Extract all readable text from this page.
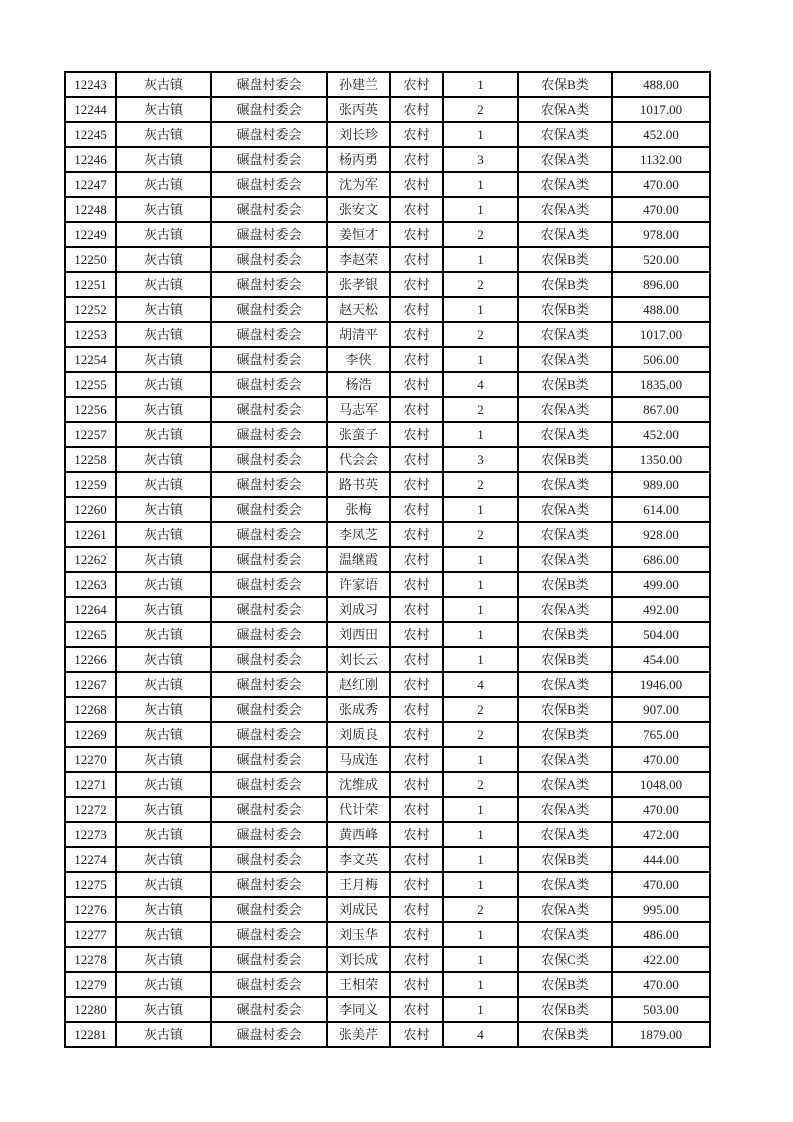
12243	灰古镇	碾盘村委会	孙建兰	农村	1	农保B类	488.00
12244	灰古镇	碾盘村委会	张丙英	农村	2	农保A类	1017.00
12245	灰古镇	碾盘村委会	刘长珍	农村	1	农保A类	452.00
12246	灰古镇	碾盘村委会	杨丙勇	农村	3	农保A类	1132.00
12247	灰古镇	碾盘村委会	沈为军	农村	1	农保A类	470.00
12248	灰古镇	碾盘村委会	张安文	农村	1	农保A类	470.00
12249	灰古镇	碾盘村委会	姜恒才	农村	2	农保A类	978.00
12250	灰古镇	碾盘村委会	李赵荣	农村	1	农保B类	520.00
12251	灰古镇	碾盘村委会	张孝银	农村	2	农保B类	896.00
12252	灰古镇	碾盘村委会	赵天松	农村	1	农保B类	488.00
12253	灰古镇	碾盘村委会	胡清平	农村	2	农保A类	1017.00
12254	灰古镇	碾盘村委会	李侠	农村	1	农保A类	506.00
12255	灰古镇	碾盘村委会	杨浩	农村	4	农保B类	1835.00
12256	灰古镇	碾盘村委会	马志军	农村	2	农保A类	867.00
12257	灰古镇	碾盘村委会	张蛮子	农村	1	农保A类	452.00
12258	灰古镇	碾盘村委会	代会会	农村	3	农保B类	1350.00
12259	灰古镇	碾盘村委会	路书英	农村	2	农保A类	989.00
12260	灰古镇	碾盘村委会	张梅	农村	1	农保A类	614.00
12261	灰古镇	碾盘村委会	李凤芝	农村	2	农保A类	928.00
12262	灰古镇	碾盘村委会	温继霞	农村	1	农保A类	686.00
12263	灰古镇	碾盘村委会	许家语	农村	1	农保B类	499.00
12264	灰古镇	碾盘村委会	刘成习	农村	1	农保A类	492.00
12265	灰古镇	碾盘村委会	刘西田	农村	1	农保B类	504.00
12266	灰古镇	碾盘村委会	刘长云	农村	1	农保B类	454.00
12267	灰古镇	碾盘村委会	赵红刚	农村	4	农保A类	1946.00
12268	灰古镇	碾盘村委会	张成秀	农村	2	农保B类	907.00
12269	灰古镇	碾盘村委会	刘质良	农村	2	农保B类	765.00
12270	灰古镇	碾盘村委会	马成连	农村	1	农保A类	470.00
12271	灰古镇	碾盘村委会	沈维成	农村	2	农保A类	1048.00
12272	灰古镇	碾盘村委会	代计荣	农村	1	农保A类	470.00
12273	灰古镇	碾盘村委会	黄西峰	农村	1	农保A类	472.00
12274	灰古镇	碾盘村委会	李文英	农村	1	农保B类	444.00
12275	灰古镇	碾盘村委会	王月梅	农村	1	农保A类	470.00
12276	灰古镇	碾盘村委会	刘成民	农村	2	农保A类	995.00
12277	灰古镇	碾盘村委会	刘玉华	农村	1	农保A类	486.00
12278	灰古镇	碾盘村委会	刘长成	农村	1	农保C类	422.00
12279	灰古镇	碾盘村委会	王相荣	农村	1	农保B类	470.00
12280	灰古镇	碾盘村委会	李同义	农村	1	农保B类	503.00
12281	灰古镇	碾盘村委会	张美芹	农村	4	农保B类	1879.00
